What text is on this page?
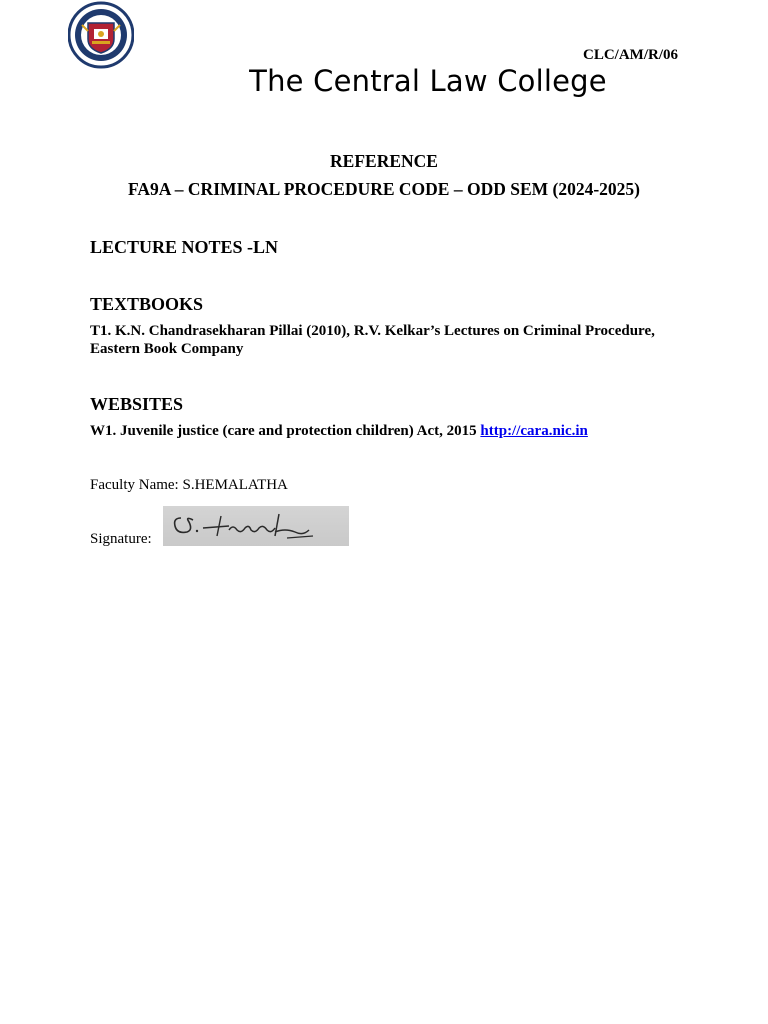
CLC/AM/R/06
The Central Law College
REFERENCE
FA9A – CRIMINAL PROCEDURE CODE – ODD SEM (2024-2025)
LECTURE NOTES -LN
TEXTBOOKS
T1. K.N. Chandrasekharan Pillai (2010), R.V. Kelkar’s Lectures on Criminal Procedure, Eastern Book Company
WEBSITES
W1. Juvenile justice (care and protection children) Act, 2015 http://cara.nic.in
Faculty Name: S.HEMALATHA
Signature:
